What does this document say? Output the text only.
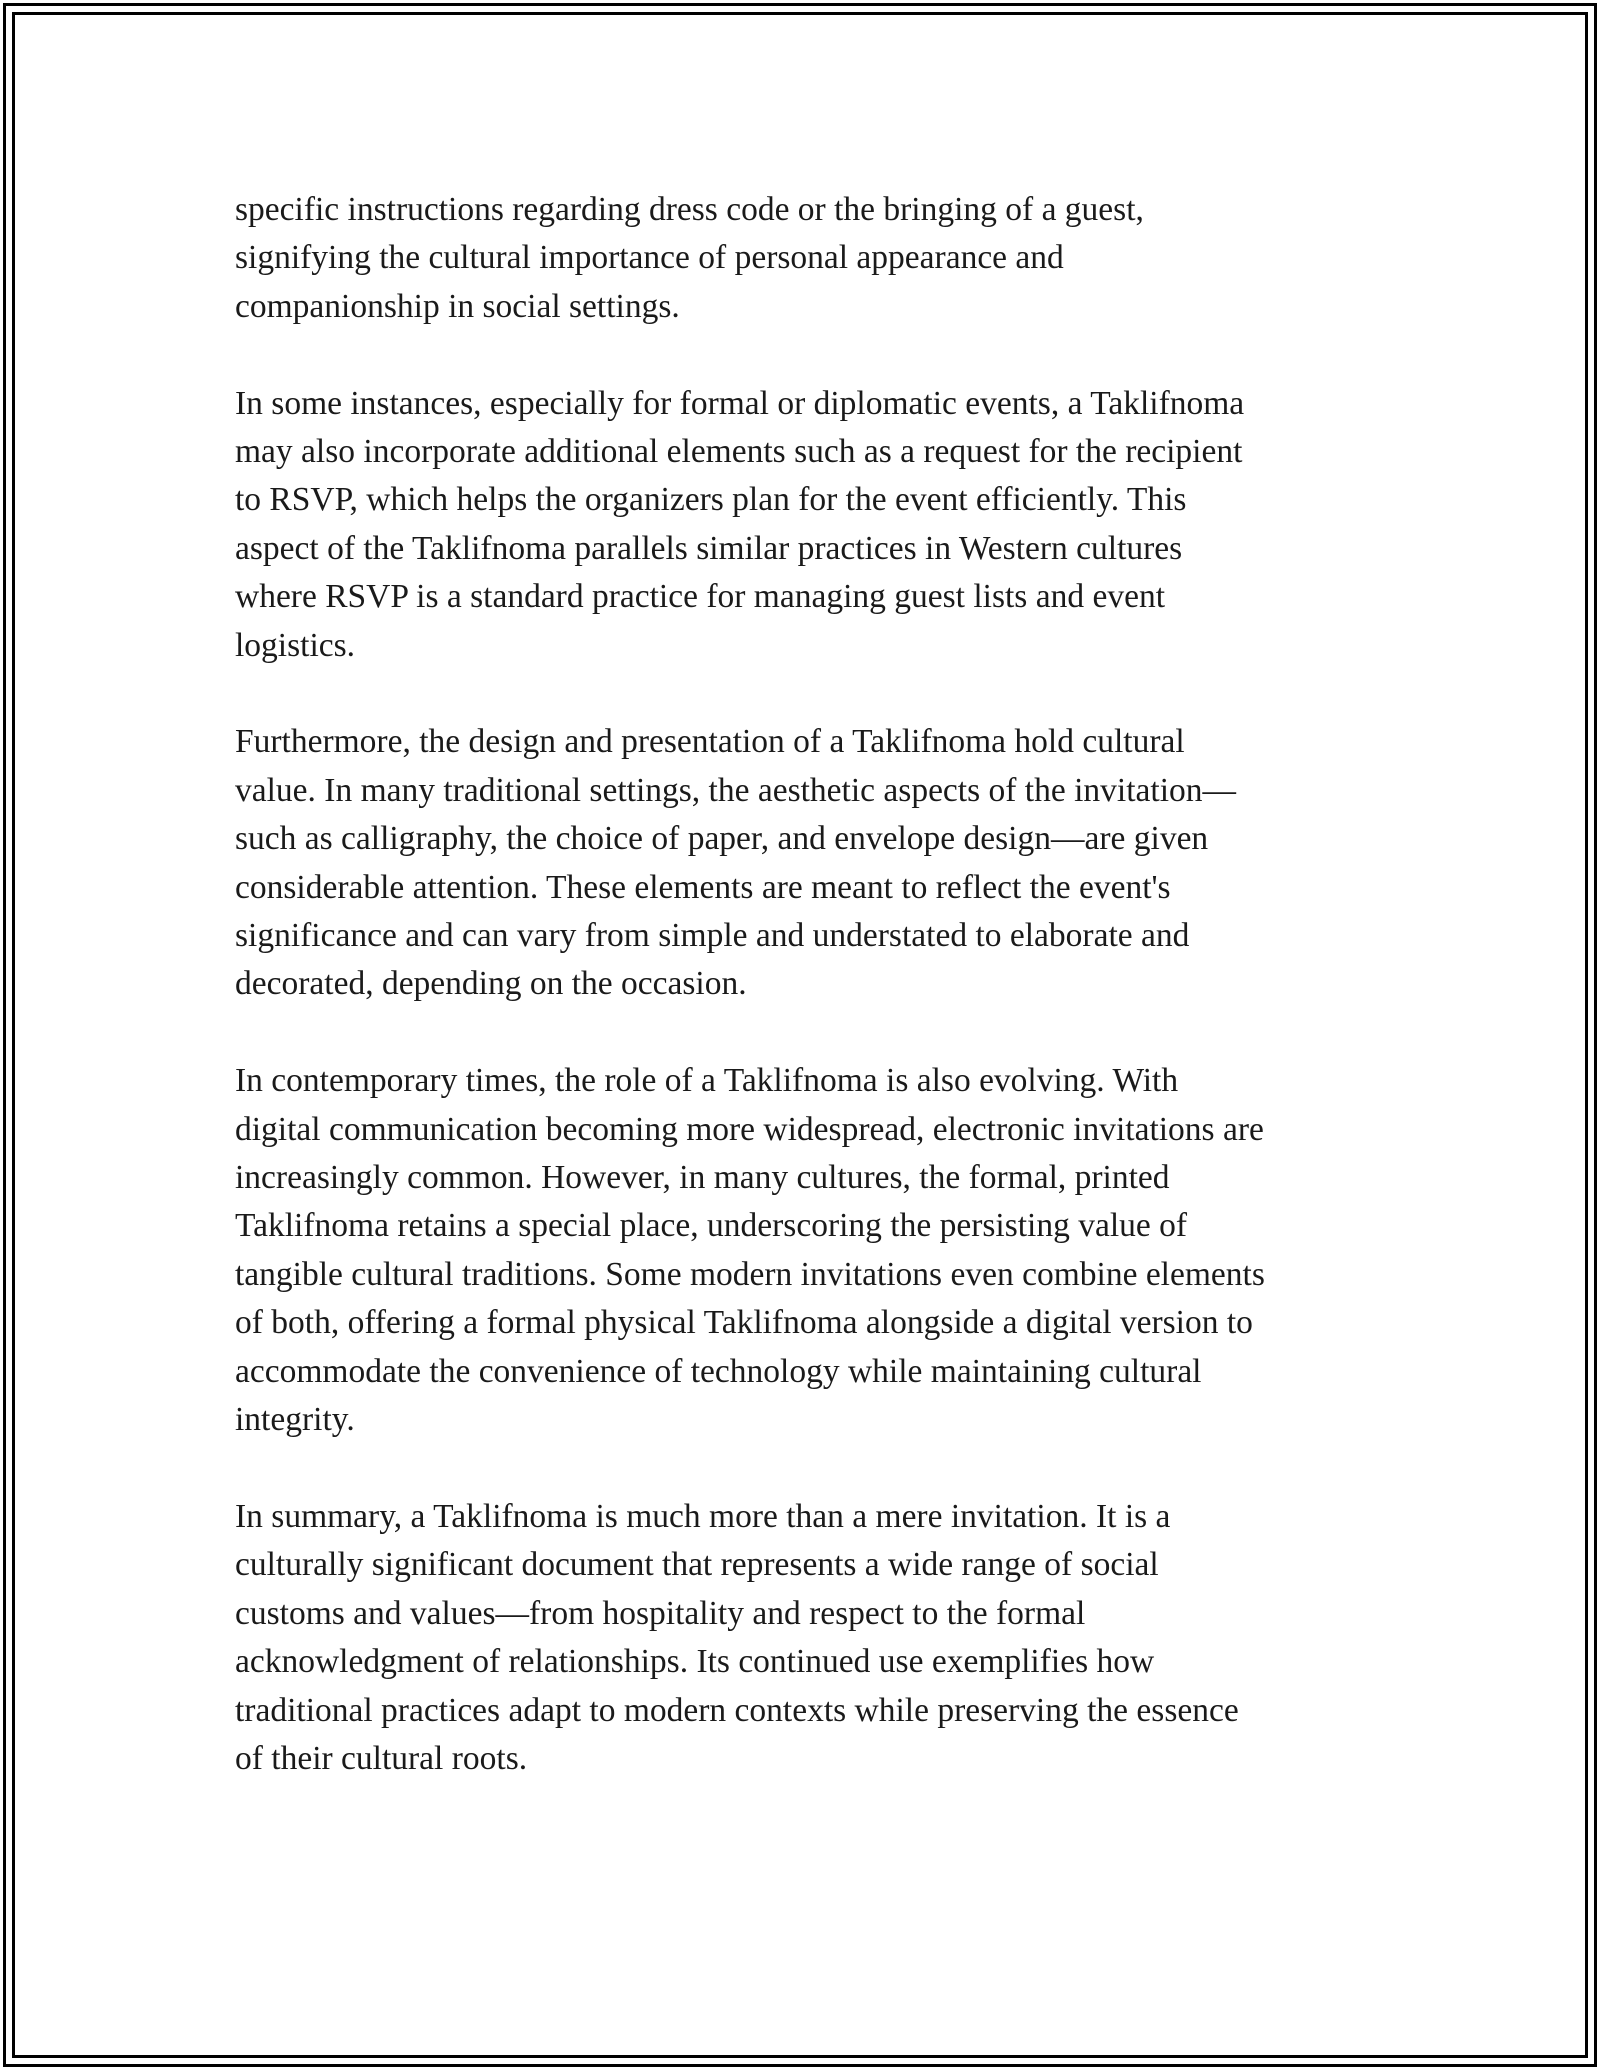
specific instructions regarding dress code or the bringing of a guest,
signifying the cultural importance of personal appearance and
companionship in social settings.

In some instances, especially for formal or diplomatic events, a Taklifnoma
may also incorporate additional elements such as a request for the recipient
to RSVP, which helps the organizers plan for the event efficiently. This
aspect of the Taklifnoma parallels similar practices in Western cultures
where RSVP is a standard practice for managing guest lists and event
logistics.

Furthermore, the design and presentation of a Taklifnoma hold cultural
value. In many traditional settings, the aesthetic aspects of the invitation—
such as calligraphy, the choice of paper, and envelope design—are given
considerable attention. These elements are meant to reflect the event's
significance and can vary from simple and understated to elaborate and
decorated, depending on the occasion.

In contemporary times, the role of a Taklifnoma is also evolving. With
digital communication becoming more widespread, electronic invitations are
increasingly common. However, in many cultures, the formal, printed
Taklifnoma retains a special place, underscoring the persisting value of
tangible cultural traditions. Some modern invitations even combine elements
of both, offering a formal physical Taklifnoma alongside a digital version to
accommodate the convenience of technology while maintaining cultural
integrity.

In summary, a Taklifnoma is much more than a mere invitation. It is a
culturally significant document that represents a wide range of social
customs and values—from hospitality and respect to the formal
acknowledgment of relationships. Its continued use exemplifies how
traditional practices adapt to modern contexts while preserving the essence
of their cultural roots.
